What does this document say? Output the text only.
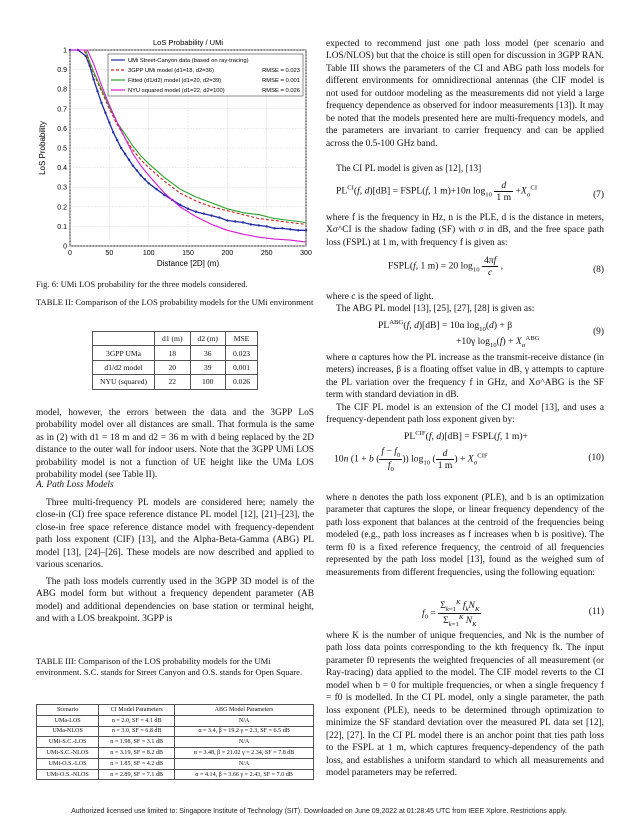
0	50	100	150	200	250	300
0
0.1
0.2
0.3
0.4
0.5
0.6
0.7
0.8
0.9
1
LoS Probability / UMi
Distance [2D] (m)
LoS Probability
UMi Street-Canyon data (based on ray-tracing)
3GPP UMi model (d1=18, d2=36)	RMSE = 0.023
Fitted (d1/d2) model (d1=20, d2=39)	RMSE = 0.001
NYU squared model (d1=22, d2=100)	RMSE = 0.026

Fig. 6: UMi LOS probability for the three models considered.

TABLE II: Comparison of the LOS probability models for the UMi environment

	d1 (m)	d2 (m)	MSE
3GPP UMa	18	36	0.023
d1/d2 model	20	39	0.001
NYU (squared)	22	100	0.026

model, however, the errors between the data and the 3GPP LoS probability model over all distances are small. That formula is the same as in (2) with d1 = 18 m and d2 = 36 m with d being replaced by the 2D distance to the outer wall for indoor users. Note that the 3GPP UMi LOS probability model is not a function of UE height like the UMa LOS probability model (see Table II).

A. Path Loss Models

Three multi-frequency PL models are considered here; namely the close-in (CI) free space reference distance PL model [12], [21]–[23], the close-in free space reference distance model with frequency-dependent path loss exponent (CIF) [13], and the Alpha-Beta-Gamma (ABG) PL model [13], [24]–[26]. These models are now described and applied to various scenarios.

The path loss models currently used in the 3GPP 3D model is of the ABG model form but without a frequency dependent parameter (AB model) and additional dependencies on base station or terminal height, and with a LOS breakpoint. 3GPP is

TABLE III: Comparison of the LOS probability models for the UMi environment. S.C. stands for Street Canyon and O.S. stands for Open Square.

Scenario	CI Model Parameters	ABG Model Parameters
UMa-LOS	n = 2.0, SF = 4.1 dB	N/A
UMa-NLOS	n = 3.0, SF = 6.8 dB	α = 3.4, β = 19.2 γ = 2.3, SF = 6.5 dB
UMi-S.C.-LOS	n = 1.98, SF = 3.1 dB	N/A
UMi-S.C.-NLOS	n = 3.19, SF = 8.2 dB	α = 3.48, β = 21.02 γ = 2.34, SF = 7.8 dB
UMi-O.S.-LOS	n = 1.85, SF = 4.2 dB	N/A
UMi-O.S.-NLOS	n = 2.89, SF = 7.1 dB	α = 4.14, β = 3.66 γ = 2.43, SF = 7.0 dB

expected to recommend just one path loss model (per scenario and LOS/NLOS) but that the choice is still open for discussion in 3GPP RAN. Table III shows the parameters of the CI and ABG path loss models for different environments for omnidirectional antennas (the CIF model is not used for outdoor modeling as the measurements did not yield a large frequency dependence as observed for indoor measurements [13]). It may be noted that the models presented here are multi-frequency models, and the parameters are invariant to carrier frequency and can be applied across the 0.5-100 GHz band.

The CI PL model is given as [12], [13]

$PL^{CI}(f$, d)[dB] = FSPL(f, 1 m)+10n $\log_{10} \frac{d}{1 m} +X_\sigma^{CI}$
(7)

where f is the frequency in Hz, n is the PLE, d is the distance in meters, Xσ^CI is the shadow fading (SF) with σ in dB, and the free space path loss (FSPL) at 1 m, with frequency f is given as:

FSPL(f, 1 m) = 20 $\log_{10} \frac{4\pi f}{c}$ ,	(8)

where c is the speed of light.

The ABG PL model [13], [25], [27], [28] is given as:

$PL^{ABG}(f$, d)[dB] = 10α $\log_{10}(d) + \beta$
+10γ $\log_{10}(f) + X_\sigma^{ABG}$
(9)

where α captures how the PL increase as the transmit-receive distance (in meters) increases, β is a floating offset value in dB, γ attempts to capture the PL variation over the frequency f in GHz, and Xσ^ABG is the SF term with standard deviation in dB.

The CIF PL model is an extension of the CI model [13], and uses a frequency-dependent path loss exponent given by:

$PL^{CIF}(f$, d)[dB] = FSPL(f, 1 m)+
10n (1 + b ( $\frac{f - f_0}{f_0}$ )) $\log_{10}$ ( $\frac{d}{1 m}$ ) + $X_\sigma^{CIF}$	(10)

where n denotes the path loss exponent (PLE), and b is an optimization parameter that captures the slope, or linear frequency dependency of the path loss exponent that balances at the centroid of the frequencies being modeled (e.g., path loss increases as f increases when b is positive). The term f0 is a fixed reference frequency, the centroid of all frequencies represented by the path loss model [13], found as the weighed sum of measurements from different frequencies, using the following equation:

$f_0 = \frac{\Sigma_{k=1}^K f_kN_K}{\Sigma_{k=1}^K N_K}$	(11)

where K is the number of unique frequencies, and Nk is the number of path loss data points corresponding to the kth frequency fk. The input parameter f0 represents the weighted frequencies of all measurement (or Ray-tracing) data applied to the model. The CIF model reverts to the CI model when b = 0 for multiple frequencies, or when a single frequency f = f0 is modelled. In the CI PL model, only a single parameter, the path loss exponent (PLE), needs to be determined through optimization to minimize the SF standard deviation over the measured PL data set [12], [22], [27]. In the CI PL model there is an anchor point that ties path loss to the FSPL at 1 m, which captures frequency-dependency of the path loss, and establishes a uniform standard to which all measurements and model parameters may be referred.

Authorized licensed use limited to: Singapore Institute of Technology (SIT). Downloaded on June 09,2022 at 01:28:45 UTC from IEEE Xplore. Restrictions apply.
